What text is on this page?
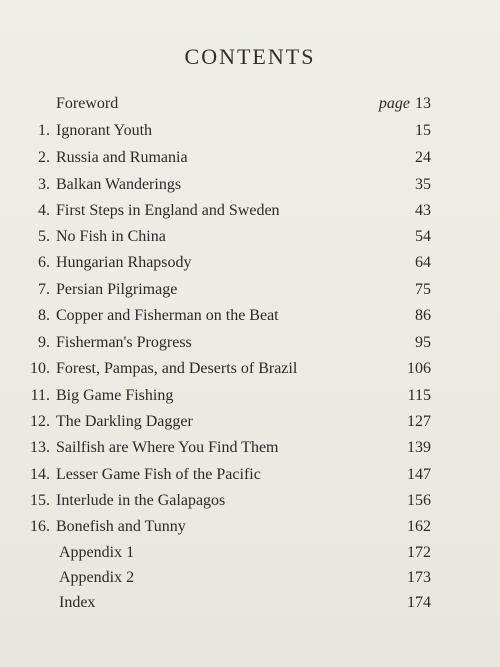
CONTENTS
Foreword	page 13
1. Ignorant Youth	15
2. Russia and Rumania	24
3. Balkan Wanderings	35
4. First Steps in England and Sweden	43
5. No Fish in China	54
6. Hungarian Rhapsody	64
7. Persian Pilgrimage	75
8. Copper and Fisherman on the Beat	86
9. Fisherman's Progress	95
10. Forest, Pampas, and Deserts of Brazil	106
11. Big Game Fishing	115
12. The Darkling Dagger	127
13. Sailfish are Where You Find Them	139
14. Lesser Game Fish of the Pacific	147
15. Interlude in the Galapagos	156
16. Bonefish and Tunny	162
Appendix 1	172
Appendix 2	173
Index	174
